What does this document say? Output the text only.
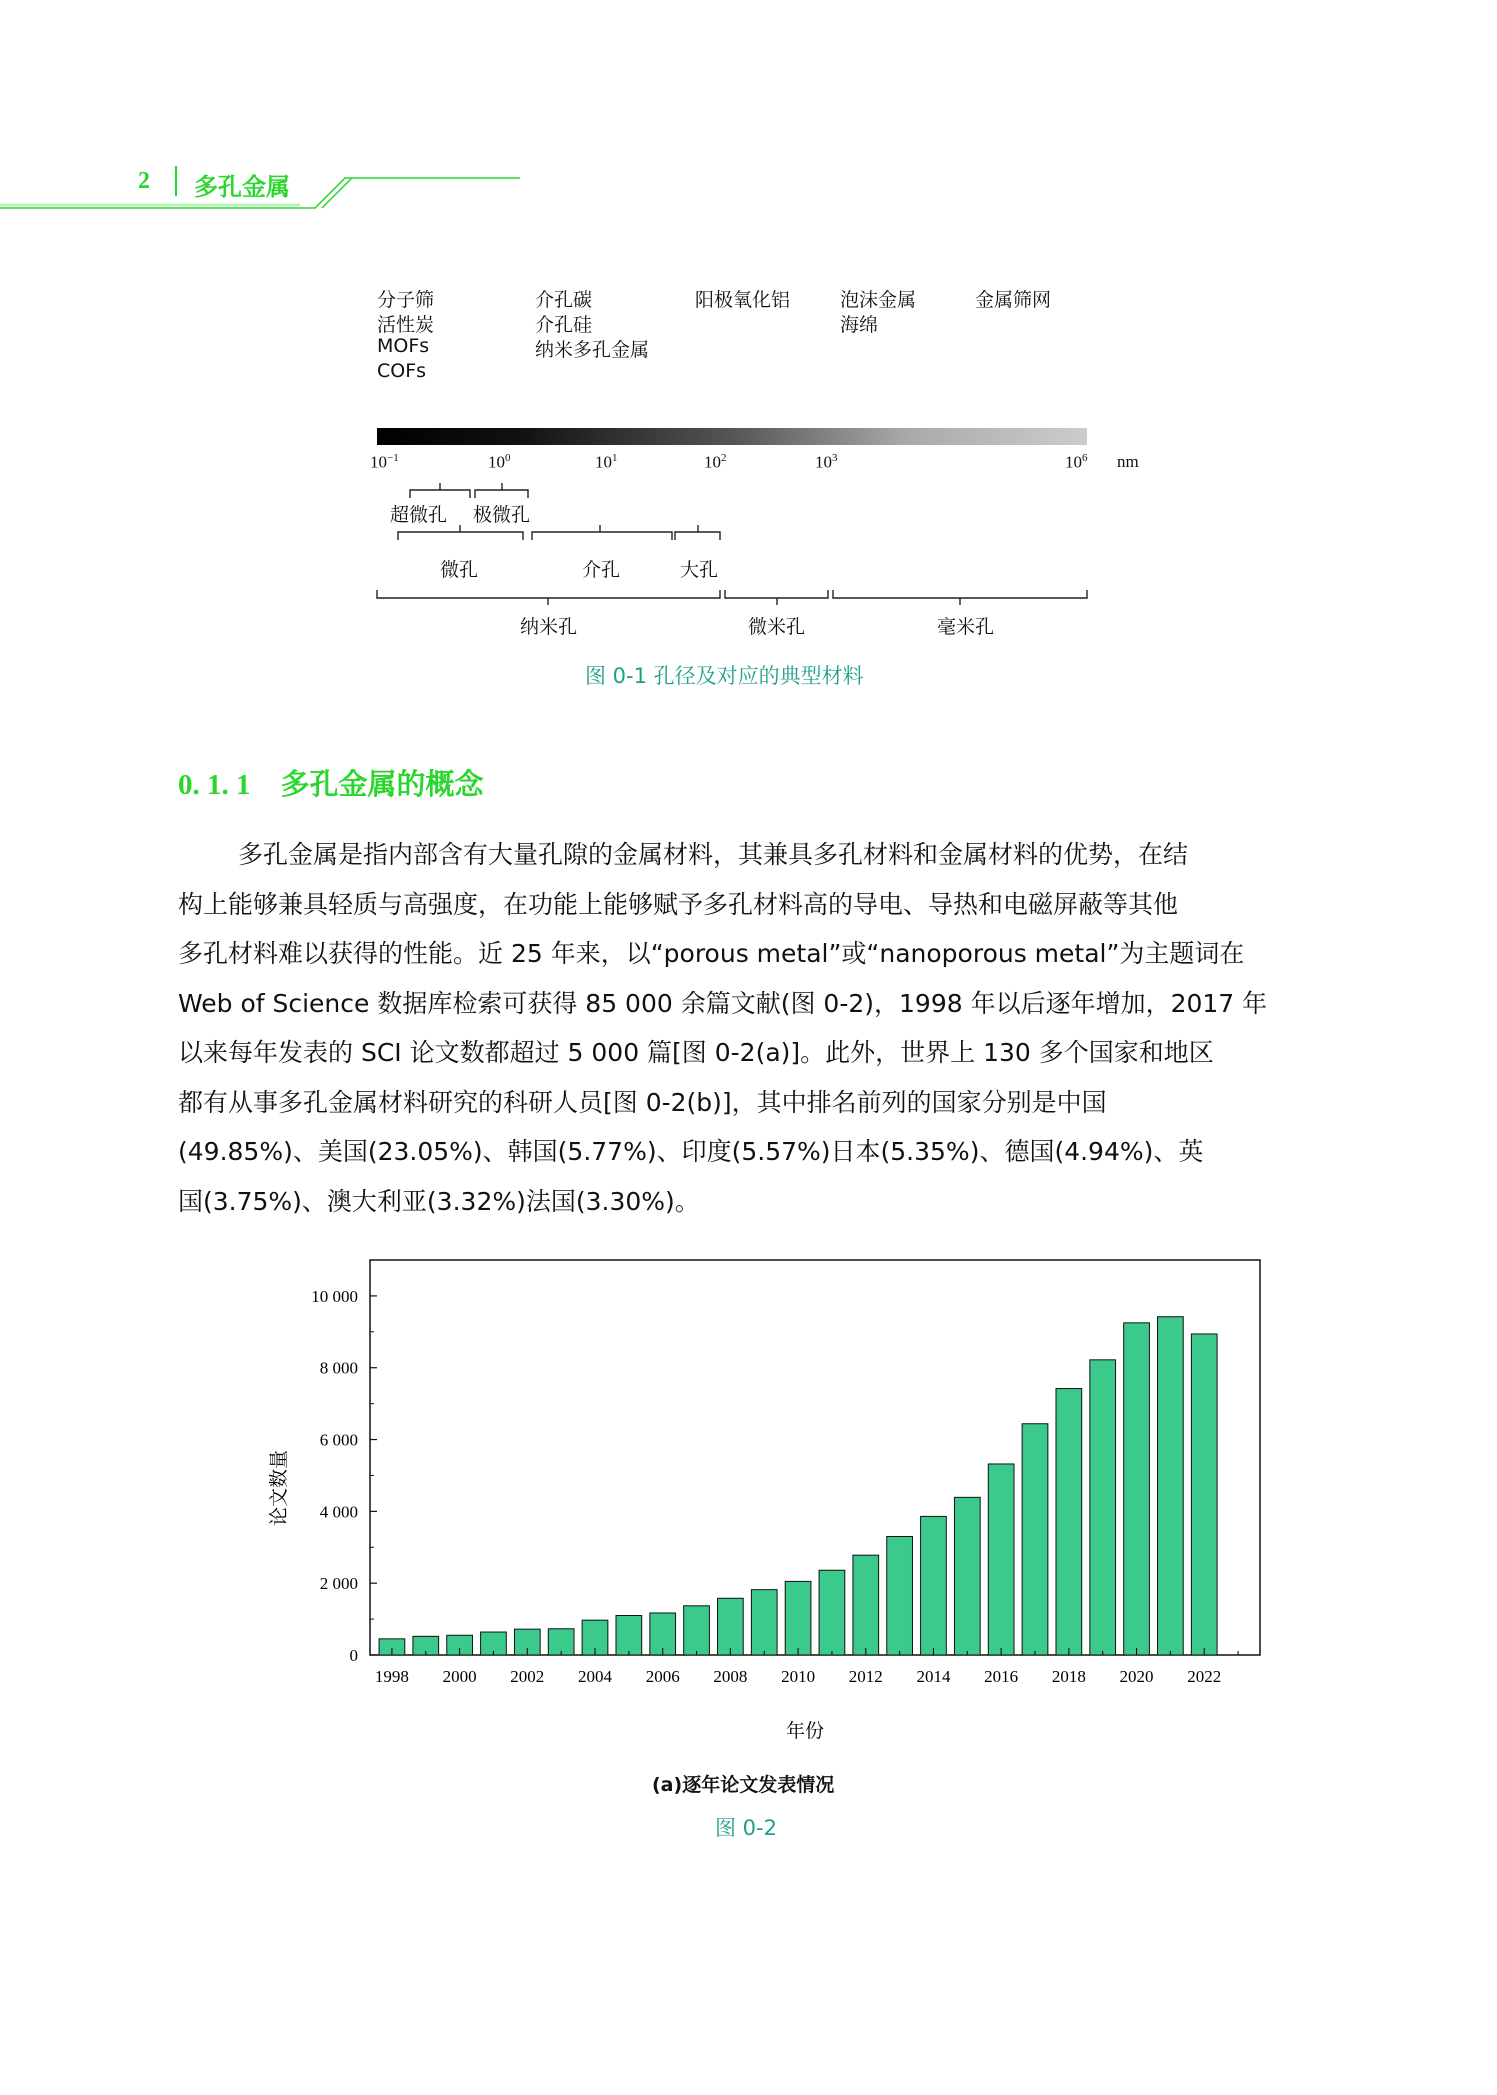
2 多孔金属
分子筛
活性炭
MOFs
COFs
介孔碳
介孔硅
纳米多孔金属
阳极氧化铝	泡沫金属
海绵
金属筛网
$10^{-1}$	$10^0$	$10^1$	$10^2$	$10^3$	$10^6$ nm
超微孔 极微孔
微孔	介孔	大孔
纳米孔	微米孔	毫米孔
图 0-1 孔径及对应的典型材料
0. 1. 1 多孔金属的概念
多孔金属是指内部含有大量孔隙的金属材料，其兼具多孔材料和金属材料的优势，在结
构上能够兼具轻质与高强度，在功能上能够赋予多孔材料高的导电、导热和电磁屏蔽等其他
多孔材料难以获得的性能。近 25 年来，以“porous metal”或“nanoporous metal”为主题词在
Web of Science 数据库检索可获得 85 000 余篇文献(图 0-2)，1998 年以后逐年增加，2017 年
以来每年发表的 SCI 论文数都超过 5 000 篇[图 0-2(a)]。此外，世界上 130 多个国家和地区
都有从事多孔金属材料研究的科研人员[图 0-2(b)]，其中排名前列的国家分别是中国
(49.85%)、美国(23.05%)、韩国(5.77%)、印度(5.57%)日本(5.35%)、德国(4.94%)、英
国(3.75%)、澳大利亚(3.32%)法国(3.30%)。
论文数量
年份
0
2 000
4 000
6 000
8 000
10 000
1998 2000 2002 2004 2006 2008 2010 2012 2014 2016 2018 2020 2022
(a)逐年论文发表情况
图 0-2
